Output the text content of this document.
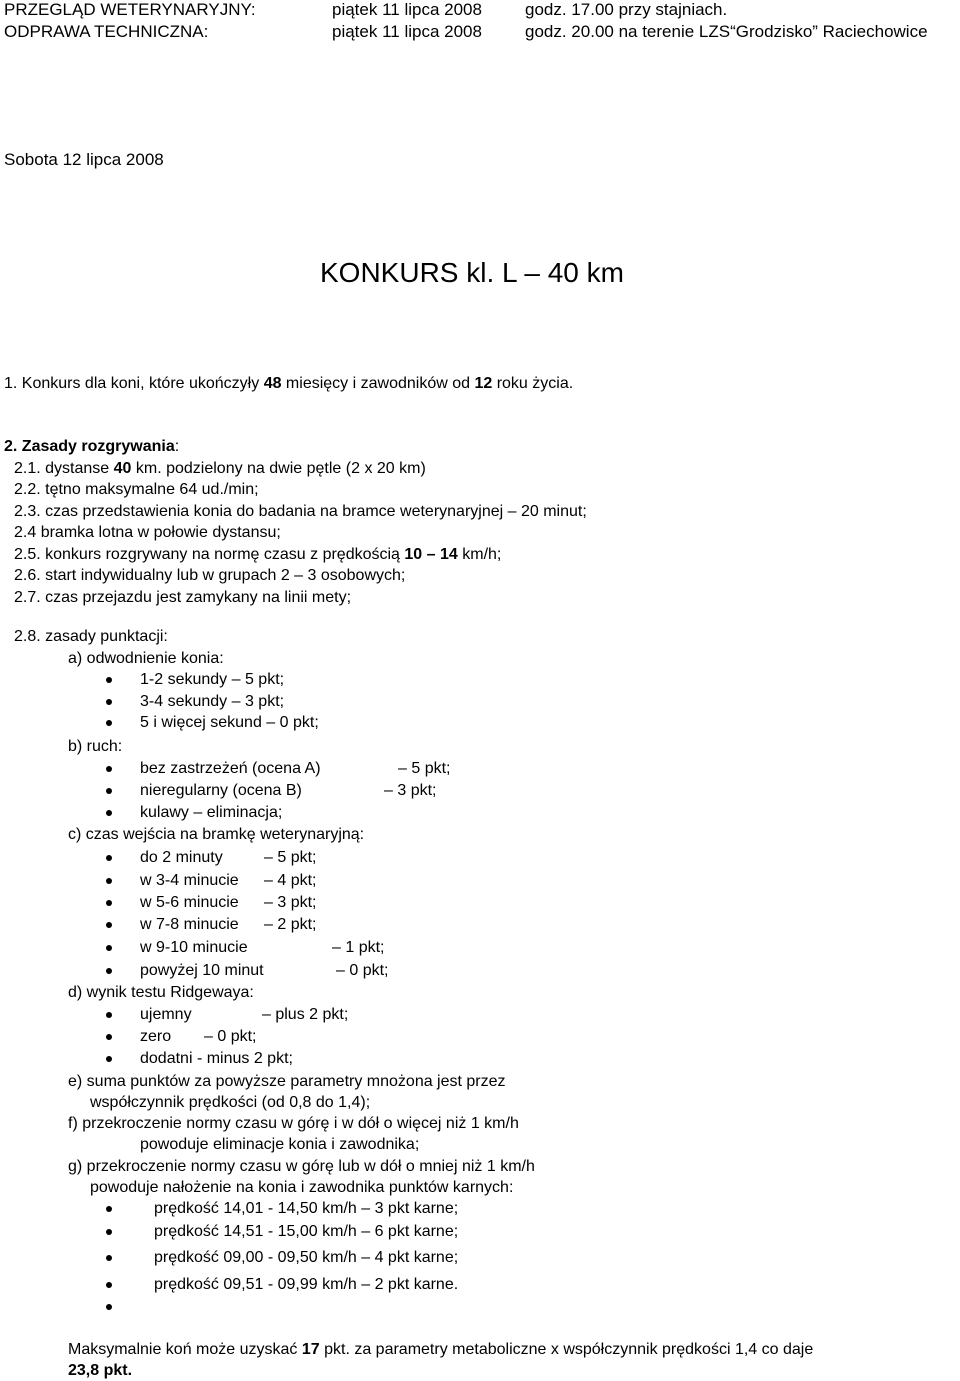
PRZEGLĄD WETERYNARYJNY:	piątek 11 lipca 2008	godz. 17.00 przy stajniach.
ODPRAWA TECHNICZNA:	piątek 11 lipca 2008	godz. 20.00 na terenie LZS“Grodzisko” Raciechowice
Sobota 12 lipca 2008
KONKURS kl. L – 40 km
1. Konkurs dla koni, które ukończyły 48 miesięcy i zawodników od 12 roku życia.
2. Zasady rozgrywania:
2.1. dystanse 40 km. podzielony na dwie pętle (2 x 20 km)
2.2. tętno maksymalne 64 ud./min;
2.3. czas przedstawienia konia do badania na bramce weterynaryjnej – 20 minut;
2.4 bramka lotna w połowie dystansu;
2.5. konkurs rozgrywany na normę czasu z prędkością 10 – 14 km/h;
2.6. start indywidualny lub w grupach 2 – 3 osobowych;
2.7. czas przejazdu jest zamykany na linii mety;
2.8. zasady punktacji:
a) odwodnienie konia:
1-2 sekundy – 5 pkt;
3-4 sekundy – 3 pkt;
5 i więcej sekund – 0 pkt;
b) ruch:
bez zastrzeżeń (ocena A)	– 5 pkt;
nieregularny (ocena B)	– 3 pkt;
kulawy – eliminacja;
c) czas wejścia na bramkę weterynaryjną:
do 2 minuty	– 5 pkt;
w 3-4 minucie – 4 pkt;
w 5-6 minucie – 3 pkt;
w 7-8 minucie – 2 pkt;
w 9-10 minucie	– 1 pkt;
powyżej 10 minut	– 0 pkt;
d) wynik testu Ridgewaya:
ujemny	– plus 2 pkt;
zero – 0 pkt;
dodatni - minus 2 pkt;
e) suma punktów za powyższe parametry mnożona jest przez
współczynnik prędkości (od 0,8 do 1,4);
f) przekroczenie normy czasu w górę i w dół o więcej niż 1 km/h
powoduje eliminacje konia i zawodnika;
g) przekroczenie normy czasu w górę lub w dół o mniej niż 1 km/h
powoduje nałożenie na konia i zawodnika punktów karnych:
prędkość 14,01 - 14,50 km/h – 3 pkt karne;
prędkość 14,51 - 15,00 km/h – 6 pkt karne;
prędkość 09,00 - 09,50 km/h – 4 pkt karne;
prędkość 09,51 - 09,99 km/h – 2 pkt karne.
Maksymalnie koń może uzyskać 17 pkt. za parametry metaboliczne x współczynnik prędkości 1,4 co daje
23,8 pkt.
